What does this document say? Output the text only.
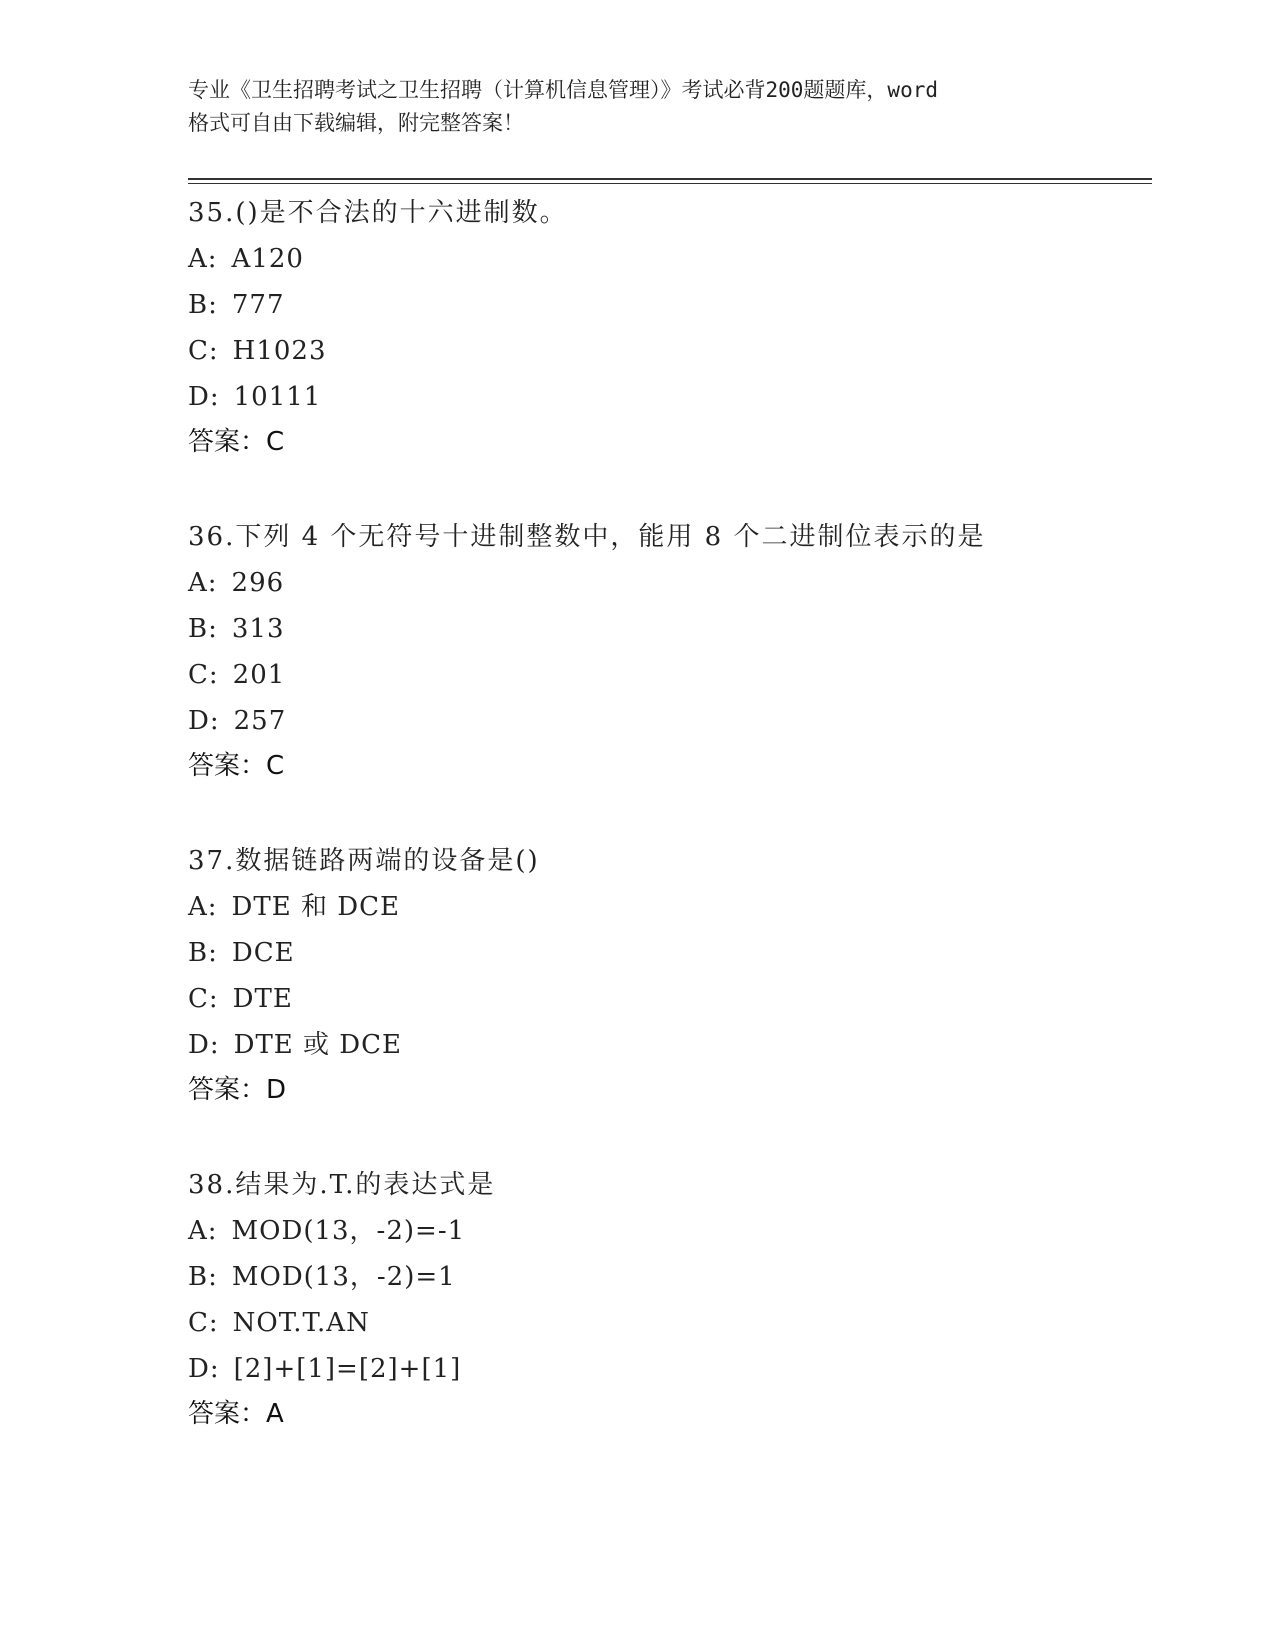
专业《卫生招聘考试之卫生招聘（计算机信息管理）》考试必背200题题库，word
格式可自由下载编辑，附完整答案！
35.()是不合法的十六进制数。
A: A120
B: 777
C: H1023
D: 10111
答案：C
36.下列 4 个无符号十进制整数中，能用 8 个二进制位表示的是
A: 296
B: 313
C: 201
D: 257
答案：C
37.数据链路两端的设备是()
A: DTE 和 DCE
B: DCE
C: DTE
D: DTE 或 DCE
答案：D
38.结果为.T.的表达式是
A: MOD(13，-2)=-1
B: MOD(13，-2)=1
C: NOT.T.AN
D: [2]+[1]=[2]+[1]
答案：A
